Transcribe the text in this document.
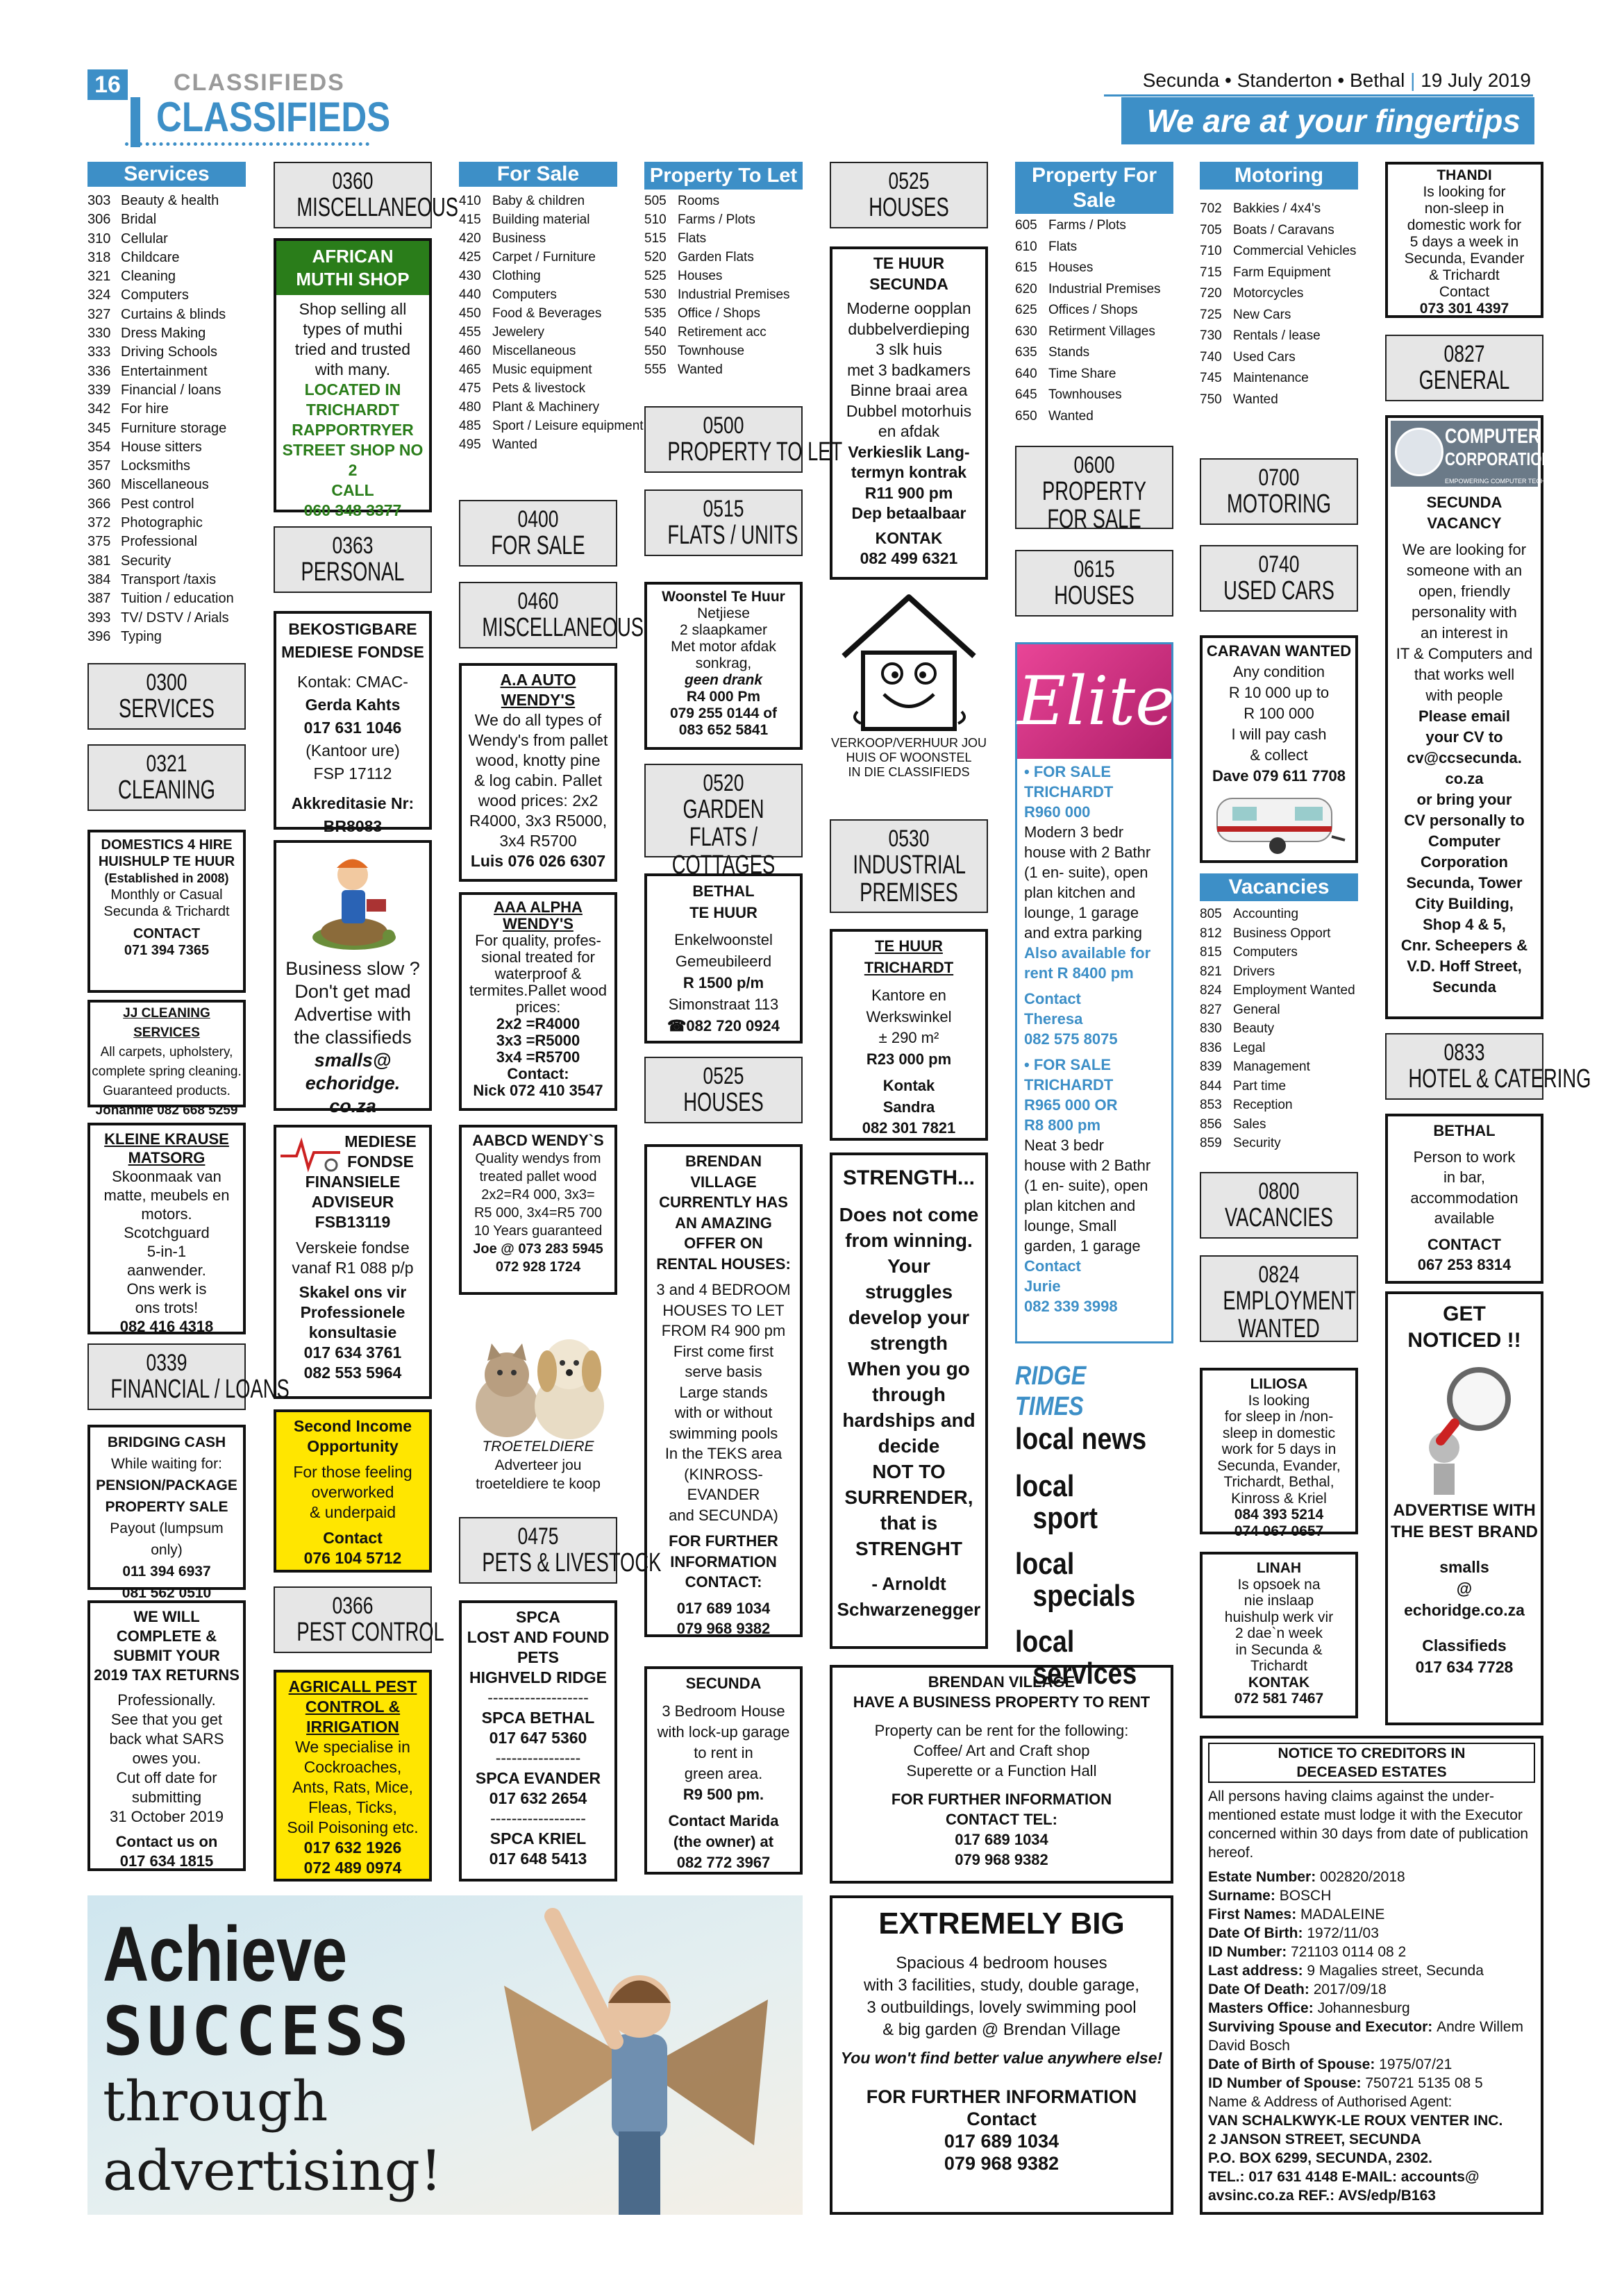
16 CLASSIFIEDS
CLASSIFIEDS
Secunda • Standerton • Bethal | 19 July 2019
We are at your fingertips
Services
303 Beauty & health
306 Bridal
310 Cellular
318 Childcare
321 Cleaning
324 Computers
327 Curtains & blinds
330 Dress Making
333 Driving Schools
336 Entertainment
339 Financial / loans
342 For hire
345 Furniture storage
354 House sitters
357 Locksmiths
360 Miscellaneous
366 Pest control
372 Photographic
375 Professional
381 Security
384 Transport /taxis
387 Tuition / education
393 TV/ DSTV / Arials
396 Typing
0300
SERVICES
0321
CLEANING
DOMESTICS 4 HIRE
HUISHULP TE HUUR
(Established in 2008)
Monthly or Casual
Secunda & Trichardt
CONTACT
071 394 7365
JJ CLEANING SERVICES
All carpets, upholstery,
complete spring cleaning.
Guaranteed products.
Johannie 082 668 5259
KLEINE KRAUSE
MATSORG
Skoonmaak van
matte, meubels en
motors.
Scotchguard
5-in-1
aanwender.
Ons werk is
ons trots!
082 416 4318
0339
FINANCIAL / LOANS
BRIDGING CASH
While waiting for:
PENSION/PACKAGE
PROPERTY SALE
Payout (lumpsum only)
011 394 6937
081 562 0510
WE WILL
COMPLETE &
SUBMIT YOUR
2019 TAX RETURNS
Professionally.
See that you get
back what SARS
owes you.
Cut off date for
submitting
31 October 2019
Contact us on
017 634 1815
0360
MISCELLANEOUS
AFRICAN
MUTHI SHOP
Shop selling all
types of muthi
tried and trusted
with many.
LOCATED IN
TRICHARDT
RAPPORTRYER
STREET SHOP NO 2
CALL
060 348 3377
0363
PERSONAL
BEKOSTIGBARE
MEDIESE FONDSE
Kontak: CMAC-
Gerda Kahts
017 631 1046
(Kantoor ure)
FSP 17112
Akkreditasie Nr:
BR8083
Business slow ?
Don't get mad
Advertise with
the classifieds
smalls@
echoridge.
co.za
MEDIESE
FONDSE
FINANSIELE
ADVISEUR
FSB13119
Verskeie fondse
vanaf R1 088 p/p
Skakel ons vir
Professionele
konsultasie
017 634 3761
082 553 5964
Second Income
Opportunity
For those feeling
overworked
& underpaid
Contact
076 104 5712
0366
PEST CONTROL
AGRICALL PEST
CONTROL &
IRRIGATION
We specialise in
Cockroaches,
Ants, Rats, Mice,
Fleas, Ticks,
Soil Poisoning etc.
017 632 1926
072 489 0974
For Sale
410 Baby & children
415 Building material
420 Business
425 Carpet / Furniture
430 Clothing
440 Computers
450 Food & Beverages
455 Jewelery
460 Miscellaneous
465 Music equipment
475 Pets & livestock
480 Plant & Machinery
485 Sport / Leisure equipment
495 Wanted
0400
FOR SALE
0460
MISCELLANEOUS
A.A AUTO
WENDY'S
We do all types of
Wendy's from pallet
wood, knotty pine
& log cabin. Pallet
wood prices: 2x2
R4000, 3x3 R5000,
3x4 R5700
Luis 076 026 6307
AAA ALPHA
WENDY'S
For quality, profes-
sional treated for
waterproof &
termites.Pallet wood
prices:
2x2 =R4000
3x3 =R5000
3x4 =R5700
Contact:
Nick 072 410 3547
AABCD WENDY`S
Quality wendys from
treated pallet wood
2x2=R4 000, 3x3=
R5 000, 3x4=R5 700
10 Years guaranteed
Joe @ 073 283 5945
072 928 1724
TROETELDIERE
Adverteer jou
troeteldiere te koop
0475
PETS & LIVESTOCK
SPCA
LOST AND FOUND
PETS
HIGHVELD RIDGE
-------------------
SPCA BETHAL
017 647 5360
----------------
SPCA EVANDER
017 632 2654
------------------
SPCA KRIEL
017 648 5413
Property To Let
505 Rooms
510 Farms / Plots
515 Flats
520 Garden Flats
525 Houses
530 Industrial Premises
535 Office / Shops
540 Retirement acc
550 Townhouse
555 Wanted
0500
PROPERTY TO LET
0515
FLATS / UNITS
Woonstel Te Huur
Netjiese
2 slaapkamer
Met motor afdak
sonkrag,
geen drank
R4 000 Pm
079 255 0144 of
083 652 5841
0520
GARDEN FLATS / COTTAGES
BETHAL
TE HUUR
Enkelwoonstel
Gemeubileerd
R 1500 p/m
Simonstraat 113
☎082 720 0924
0525
HOUSES
BRENDAN
VILLAGE
CURRENTLY HAS
AN AMAZING
OFFER ON
RENTAL HOUSES:
3 and 4 BEDROOM
HOUSES TO LET
FROM R4 900 pm
First come first
serve basis
Large stands
with or without
swimming pools
In the TEKS area
(KINROSS-EVANDER
and SECUNDA)
FOR FURTHER
INFORMATION
CONTACT:
017 689 1034
079 968 9382
SECUNDA
3 Bedroom House
with lock-up garage
to rent in
green area.
R9 500 pm.
Contact Marida
(the owner) at
082 772 3967
0525
HOUSES
TE HUUR
SECUNDA
Moderne oopplan
dubbelverdieping
3 slk huis
met 3 badkamers
Binne braai area
Dubbel motorhuis
en afdak
Verkieslik Lang-
termyn kontrak
R11 900 pm
Dep betaalbaar
KONTAK
082 499 6321
VERKOOP/VERHUUR JOU
HUIS OF WOONSTEL
IN DIE CLASSIFIEDS
0530
INDUSTRIAL PREMISES
TE HUUR
TRICHARDT
Kantore en
Werkswinkel
± 290 m²
R23 000 pm
Kontak
Sandra
082 301 7821
STRENGTH...
Does not come
from winning.
Your
struggles
develop your
strength
When you go
through
hardships and
decide
NOT TO
SURRENDER,
that is
STRENGHT
- Arnoldt
Schwarzenegger
Property For Sale
605 Farms / Plots
610 Flats
615 Houses
620 Industrial Premises
625 Offices / Shops
630 Retirment Villages
635 Stands
640 Time Share
645 Townhouses
650 Wanted
0600
PROPERTY FOR SALE
0615
HOUSES
Elite
• FOR SALE
TRICHARDT
R960 000
Modern 3 bedr
house with 2 Bathr
(1 en- suite), open
plan kitchen and
lounge, 1 garage
and extra parking
Also available for
rent R 8400 pm
Contact
Theresa
082 575 8075
• FOR SALE
TRICHARDT
R965 000 OR
R8 800 pm
Neat 3 bedr
house with 2 Bathr
(1 en- suite), open
plan kitchen and
lounge, Small
garden, 1 garage
Contact
Jurie
082 339 3998
RIDGE TIMES
local news
local
sport
local
specials
local
services
BRENDAN VILLAGE
HAVE A BUSINESS PROPERTY TO RENT
Property can be rent for the following:
Coffee/ Art and Craft shop
Superette or a Function Hall
FOR FURTHER INFORMATION
CONTACT TEL:
017 689 1034
079 968 9382
EXTREMELY BIG
Spacious 4 bedroom houses
with 3 facilities, study, double garage,
3 outbuildings, lovely swimming pool
& big garden @ Brendan Village
You won't find better value anywhere else!
FOR FURTHER INFORMATION
Contact
017 689 1034
079 968 9382
Motoring
702 Bakkies / 4x4's
705 Boats / Caravans
710 Commercial Vehicles
715 Farm Equipment
720 Motorcycles
725 New Cars
730 Rentals / lease
740 Used Cars
745 Maintenance
750 Wanted
0700
MOTORING
0740
USED CARS
CARAVAN WANTED
Any condition
R 10 000 up to
R 100 000
I will pay cash
& collect
Dave 079 611 7708
Vacancies
805 Accounting
812 Business Opport
815 Computers
821 Drivers
824 Employment Wanted
827 General
830 Beauty
836 Legal
839 Management
844 Part time
853 Reception
856 Sales
859 Security
0800
VACANCIES
0824
EMPLOYMENT WANTED
LILIOSA
Is looking
for sleep in /non-
sleep in domestic
work for 5 days in
Secunda, Evander,
Trichardt, Bethal,
Kinross & Kriel
084 393 5214
074 067 0657
LINAH
Is opsoek na
nie inslaap
huishulp werk vir
2 dae`n week
in Secunda &
Trichardt
KONTAK
072 581 7467
THANDI
Is looking for
non-sleep in
domestic work for
5 days a week in
Secunda, Evander
& Trichardt
Contact
073 301 4397
0827
GENERAL
COMPUTER
CORPORATION
EMPOWERING COMPUTER TECHNOLOGY
SECUNDA
VACANCY
We are looking for
someone with an
open, friendly
personality with
an interest in
IT & Computers and
that works well
with people
Please email
your CV to
cv@ccsecunda.
co.za
or bring your
CV personally to
Computer
Corporation
Secunda, Tower
City Building,
Shop 4 & 5,
Cnr. Scheepers &
V.D. Hoff Street,
Secunda
0833
HOTEL & CATERING
BETHAL
Person to work
in bar,
accommodation
available
CONTACT
067 253 8314
GET
NOTICED !!
ADVERTISE WITH
THE BEST BRAND
smalls
@
echoridge.co.za
Classifieds
017 634 7728
NOTICE TO CREDITORS IN
DECEASED ESTATES
All persons having claims against the under-mentioned estate must lodge it with the Executor concerned within 30 days from date of publication hereof.
Estate Number: 002820/2018
Surname: BOSCH
First Names: MADALEINE
Date Of Birth: 1972/11/03
ID Number: 721103 0114 08 2
Last address: 9 Magalies street, Secunda
Date Of Death: 2017/09/18
Masters Office: Johannesburg
Surviving Spouse and Executor: Andre Willem David Bosch
Date of Birth of Spouse: 1975/07/21
ID Number of Spouse: 750721 5135 08 5
Name & Address of Authorised Agent:
VAN SCHALKWYK-LE ROUX VENTER INC.
2 JANSON STREET, SECUNDA
P.O. BOX 6299, SECUNDA, 2302.
TEL.: 017 631 4148 E-MAIL: accounts@
avsinc.co.za REF.: AVS/edp/B163
Achieve
SUCCESS
through
advertising!
